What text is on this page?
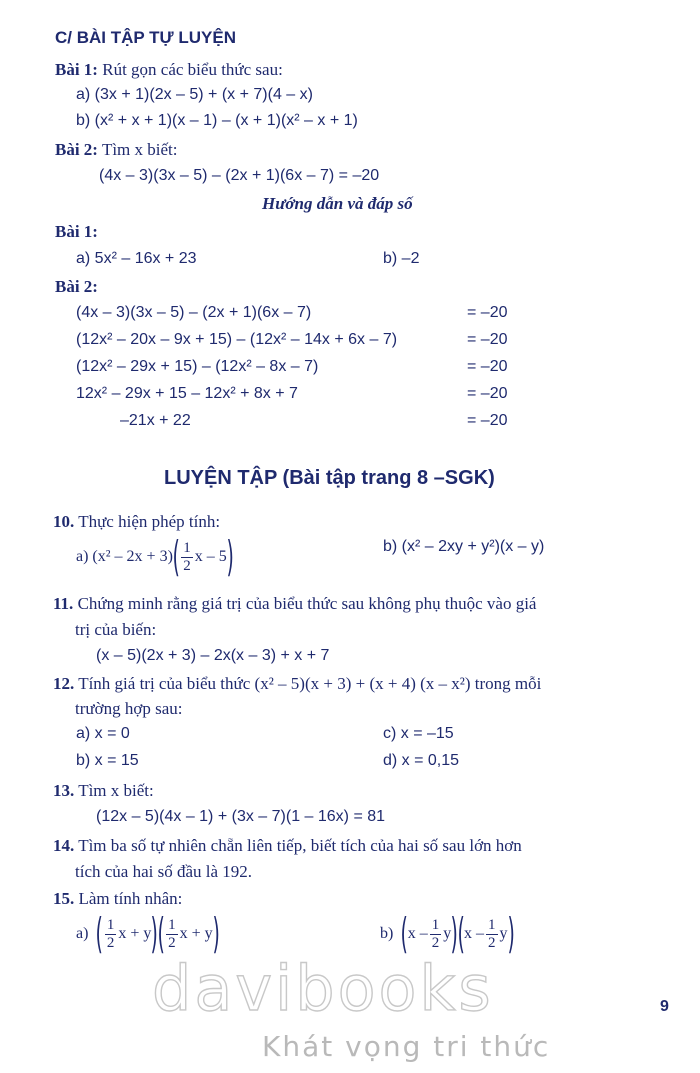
C/ BÀI TẬP TỰ LUYỆN
Bài 1: Rút gọn các biểu thức sau:
a) (3x + 1)(2x – 5) + (x + 7)(4 – x)
b) (x² + x + 1)(x – 1) – (x + 1)(x² – x + 1)
Bài 2: Tìm x biết:
(4x – 3)(3x – 5) – (2x + 1)(6x – 7) = –20
Hướng dẫn và đáp số
Bài 1:
a) 5x² – 16x + 23	b) –2
Bài 2:
(4x – 3)(3x – 5) – (2x + 1)(6x – 7)	= –20
(12x² – 20x – 9x + 15) – (12x² – 14x + 6x – 7)	= –20
(12x² – 29x + 15) – (12x² – 8x – 7)	= –20
12x² – 29x + 15 – 12x² + 8x + 7	= –20
–21x + 22	= –20
LUYỆN TẬP (Bài tập trang 8 –SGK)
10. Thực hiện phép tính:
a) (x² – 2x + 3) ( $\frac{1}{2}$ x – 5 )	b) (x² – 2xy + y²)(x – y)
11. Chứng minh rằng giá trị của biểu thức sau không phụ thuộc vào giá
trị của biến:
(x – 5)(2x + 3) – 2x(x – 3) + x + 7
12. Tính giá trị của biểu thức (x² – 5)(x + 3) + (x + 4) (x – x²) trong mỗi
trường hợp sau:
a) x = 0	c) x = –15
b) x = 15	d) x = 0,15
13. Tìm x biết:
(12x – 5)(4x – 1) + (3x – 7)(1 – 16x) = 81
14. Tìm ba số tự nhiên chẵn liên tiếp, biết tích của hai số sau lớn hơn
tích của hai số đầu là 192.
15. Làm tính nhân:
a) ( $\frac{1}{2}$ x + y ) ( $\frac{1}{2}$ x + y )	b) ( x – $\frac{1}{2}$ y ) ( x – $\frac{1}{2}$ y )
davibooks
Khát vọng tri thức
9
